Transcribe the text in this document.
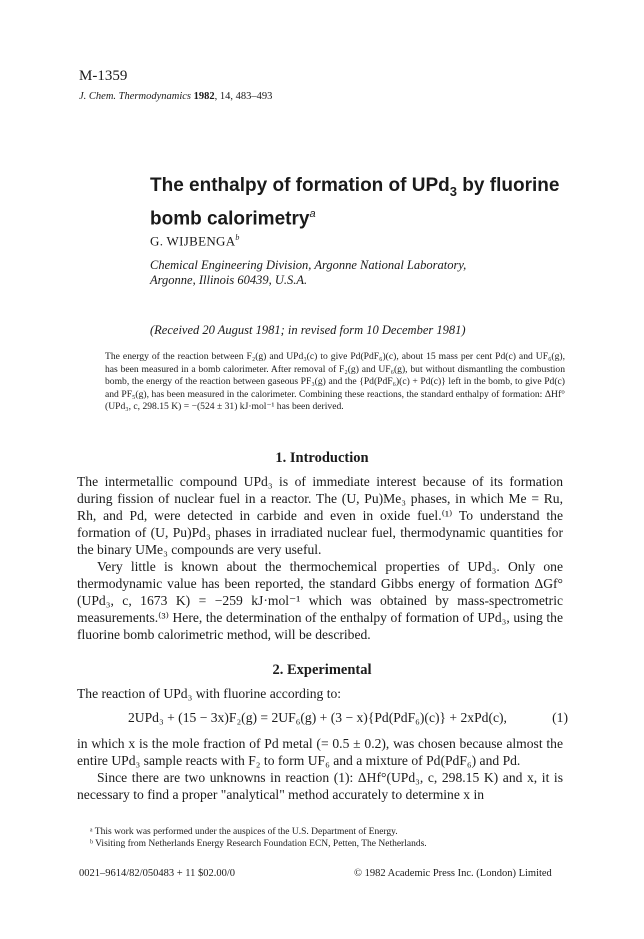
M-1359
J. Chem. Thermodynamics 1982, 14, 483–493
The enthalpy of formation of UPd$_3$ by fluorine bomb calorimetry$^a$
G. WIJBENGA$^b$
Chemical Engineering Division, Argonne National Laboratory,
Argonne, Illinois 60439, U.S.A.
(Received 20 August 1981; in revised form 10 December 1981)
The energy of the reaction between F₂(g) and UPd₃(c) to give Pd(PdF₆)(c), about 15 mass per cent Pd(c) and UF₆(g), has been measured in a bomb calorimeter. After removal of F₂(g) and UF₆(g), but without dismantling the combustion bomb, the energy of the reaction between gaseous PF₃(g) and the {Pd(PdF₆)(c) + Pd(c)} left in the bomb, to give Pd(c) and PF₅(g), has been measured in the calorimeter. Combining these reactions, the standard enthalpy of formation: ΔHf°(UPd₃, c, 298.15 K) = −(524 ± 31) kJ·mol⁻¹ has been derived.
1. Introduction

The intermetallic compound UPd₃ is of immediate interest because of its formation during fission of nuclear fuel in a reactor. The (U, Pu)Me₃ phases, in which Me = Ru, Rh, and Pd, were detected in carbide and even in oxide fuel.⁽¹⁾ To understand the formation of (U, Pu)Pd₃ phases in irradiated nuclear fuel, thermodynamic quantities for the binary UMe₃ compounds are very useful.

Very little is known about the thermochemical properties of UPd₃. Only one thermodynamic value has been reported, the standard Gibbs energy of formation ΔGf°(UPd₃, c, 1673 K) = −259 kJ·mol⁻¹ which was obtained by mass-spectrometric measurements.⁽³⁾ Here, the determination of the enthalpy of formation of UPd₃, using the fluorine bomb calorimetric method, will be described.

2. Experimental
The reaction of UPd₃ with fluorine according to:
2UPd₃ + (15 − 3x)F₂(g) = 2UF₆(g) + (3 − x){Pd(PdF₆)(c)} + 2xPd(c),	(1)

in which x is the mole fraction of Pd metal (= 0.5 ± 0.2), was chosen because almost the entire UPd₃ sample reacts with F₂ to form UF₆ and a mixture of Pd(PdF₆) and Pd.

Since there are two unknowns in reaction (1): ΔHf°(UPd₃, c, 298.15 K) and x, it is necessary to find a proper "analytical" method accurately to determine x in

ᵃ This work was performed under the auspices of the U.S. Department of Energy.
ᵇ Visiting from Netherlands Energy Research Foundation ECN, Petten, The Netherlands.
0021–9614/82/050483 + 11 $02.00/0	© 1982 Academic Press Inc. (London) Limited
